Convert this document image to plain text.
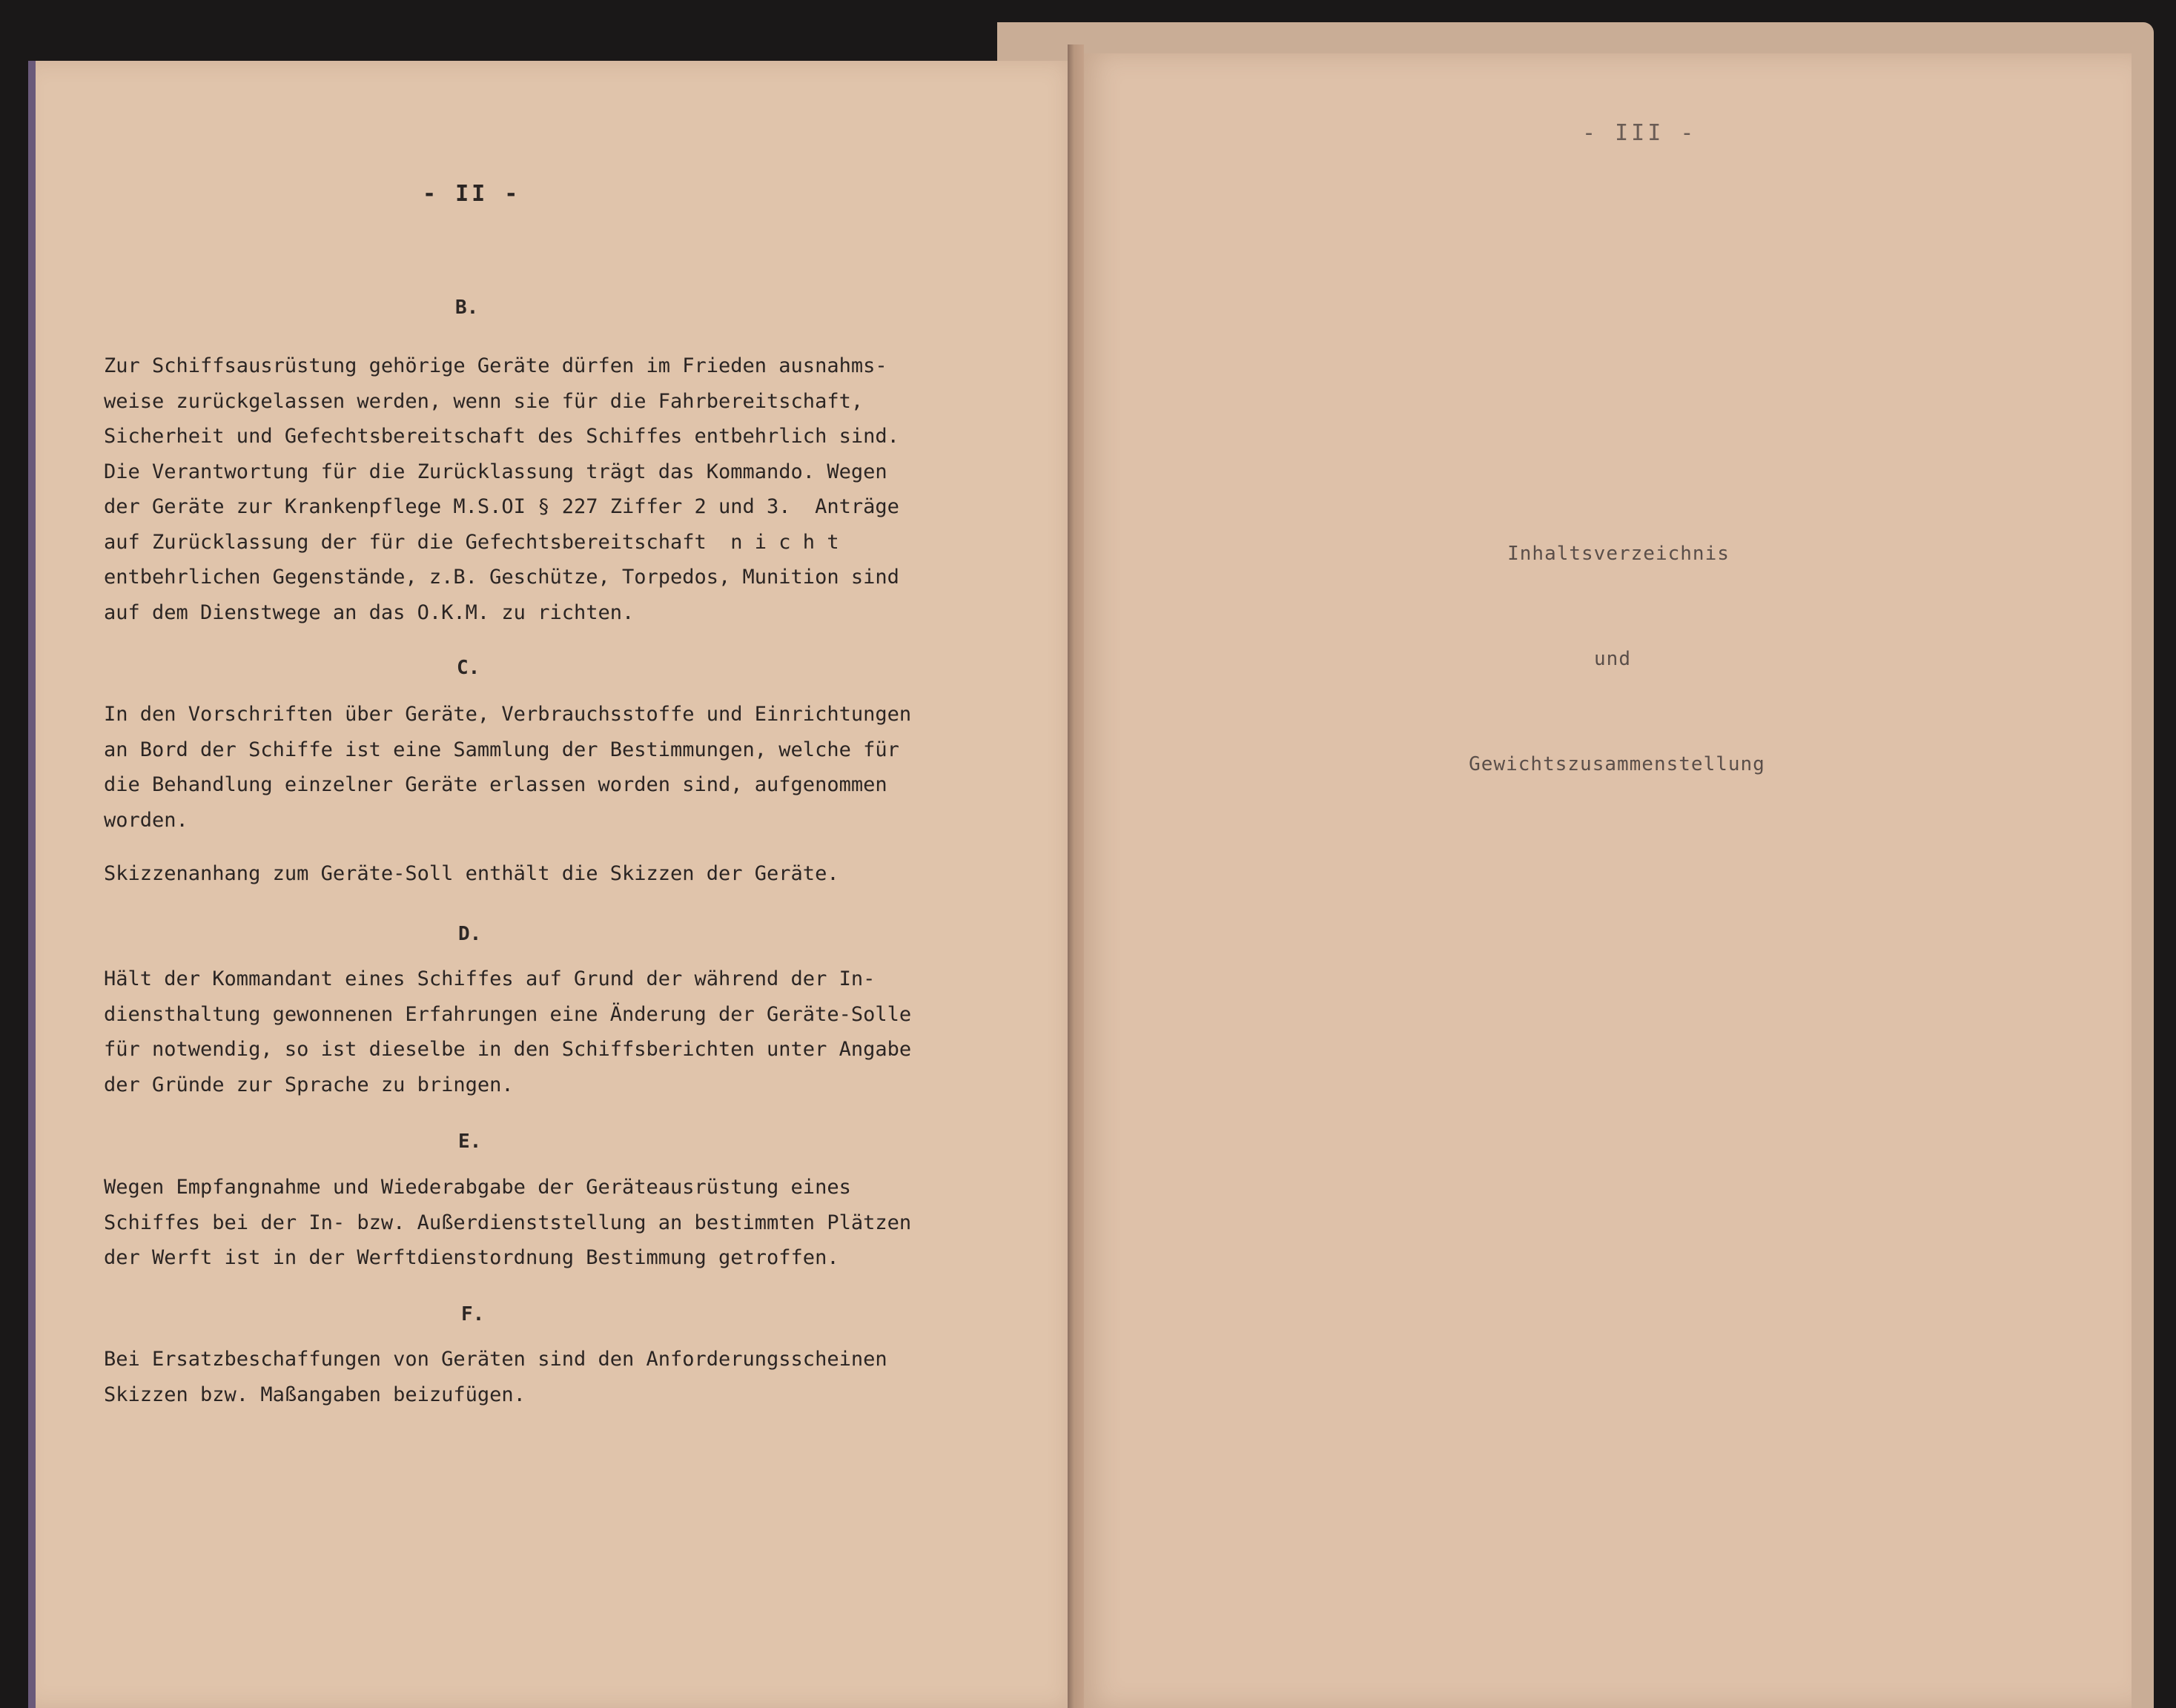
- II -
B.
Zur Schiffsausrüstung gehörige Geräte dürfen im Frieden ausnahms-
weise zurückgelassen werden, wenn sie für die Fahrbereitschaft,
Sicherheit und Gefechtsbereitschaft des Schiffes entbehrlich sind.
Die Verantwortung für die Zurücklassung trägt das Kommando. Wegen
der Geräte zur Krankenpflege M.S.OI § 227 Ziffer 2 und 3.  Anträge
auf Zurücklassung der für die Gefechtsbereitschaft  n i c h t
entbehrlichen Gegenstände, z.B. Geschütze, Torpedos, Munition sind
auf dem Dienstwege an das O.K.M. zu richten.
C.
In den Vorschriften über Geräte, Verbrauchsstoffe und Einrichtungen
an Bord der Schiffe ist eine Sammlung der Bestimmungen, welche für
die Behandlung einzelner Geräte erlassen worden sind, aufgenommen
worden.
Skizzenanhang zum Geräte-Soll enthält die Skizzen der Geräte.
D.
Hält der Kommandant eines Schiffes auf Grund der während der In-
diensthaltung gewonnenen Erfahrungen eine Änderung der Geräte-Solle
für notwendig, so ist dieselbe in den Schiffsberichten unter Angabe
der Gründe zur Sprache zu bringen.
E.
Wegen Empfangnahme und Wiederabgabe der Geräteausrüstung eines
Schiffes bei der In- bzw. Außerdienststellung an bestimmten Plätzen
der Werft ist in der Werftdienstordnung Bestimmung getroffen.
F.
Bei Ersatzbeschaffungen von Geräten sind den Anforderungsscheinen
Skizzen bzw. Maßangaben beizufügen.
- III -
Inhaltsverzeichnis
und
Gewichtszusammenstellung
